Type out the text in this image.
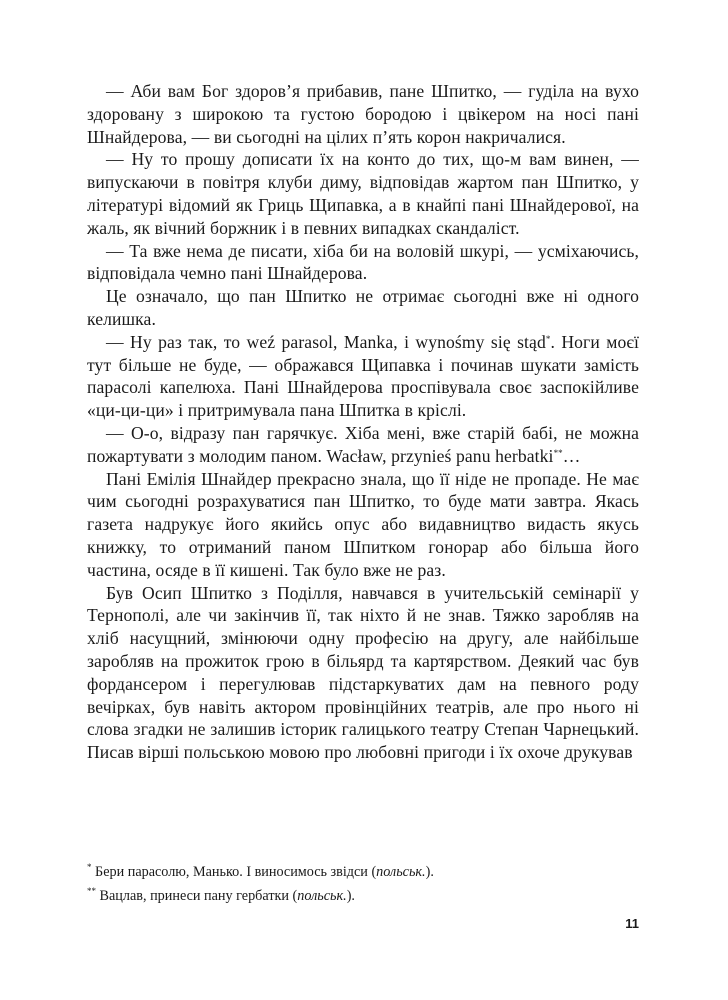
— Аби вам Бог здоров’я прибавив, пане Шпитко, — гуділа на вухо здоровану з широкою та густою бородою і цвікером на носі пані Шнайдерова, — ви сьогодні на цілих п’ять корон накричалися.

— Ну то прошу дописати їх на конто до тих, що-м вам винен, — випускаючи в повітря клуби диму, відповідав жартом пан Шпитко, у літературі відомий як Гриць Щипавка, а в кнайпі пані Шнайдерової, на жаль, як вічний боржник і в певних випадках скандаліст.

— Та вже нема де писати, хіба би на воловій шкурі, — усміхаючись, відповідала чемно пані Шнайдерова.

Це означало, що пан Шпитко не отримає сьогодні вже ні одного келишка.

— Ну раз так, то weź parasol, Manka, i wynośmy się stąd*. Ноги моєї тут більше не буде, — ображався Щипавка і починав шукати замість парасолі капелюха. Пані Шнайдерова проспівувала своє заспокійливе «ци-ци-ци» і притримувала пана Шпитка в кріслі.

— О-о, відразу пан гарячкує. Хіба мені, вже старій бабі, не можна пожартувати з молодим паном. Wacław, przynieś panu herbatki**…

Пані Емілія Шнайдер прекрасно знала, що її ніде не пропаде. Не має чим сьогодні розрахуватися пан Шпитко, то буде мати завтра. Якась газета надрукує його якийсь опус або видавництво видасть якусь книжку, то отриманий паном Шпитком гонорар або більша його частина, осяде в її кишені. Так було вже не раз.

Був Осип Шпитко з Поділля, навчався в учительській семінарії у Тернополі, але чи закінчив її, так ніхто й не знав. Тяжко заробляв на хліб насущний, змінюючи одну професію на другу, але найбільше заробляв на прожиток грою в більярд та картярством. Деякий час був фордансером і перегулював підстаркуватих дам на певного роду вечірках, був навіть актором провінційних театрів, але про нього ні слова згадки не залишив історик галицького театру Степан Чарнецький. Писав вірші польською мовою про любовні пригоди і їх охоче друкував

* Бери парасолю, Манько. І виносимось звідси (польськ.).

** Вацлав, принеси пану гербатки (польськ.).

11
